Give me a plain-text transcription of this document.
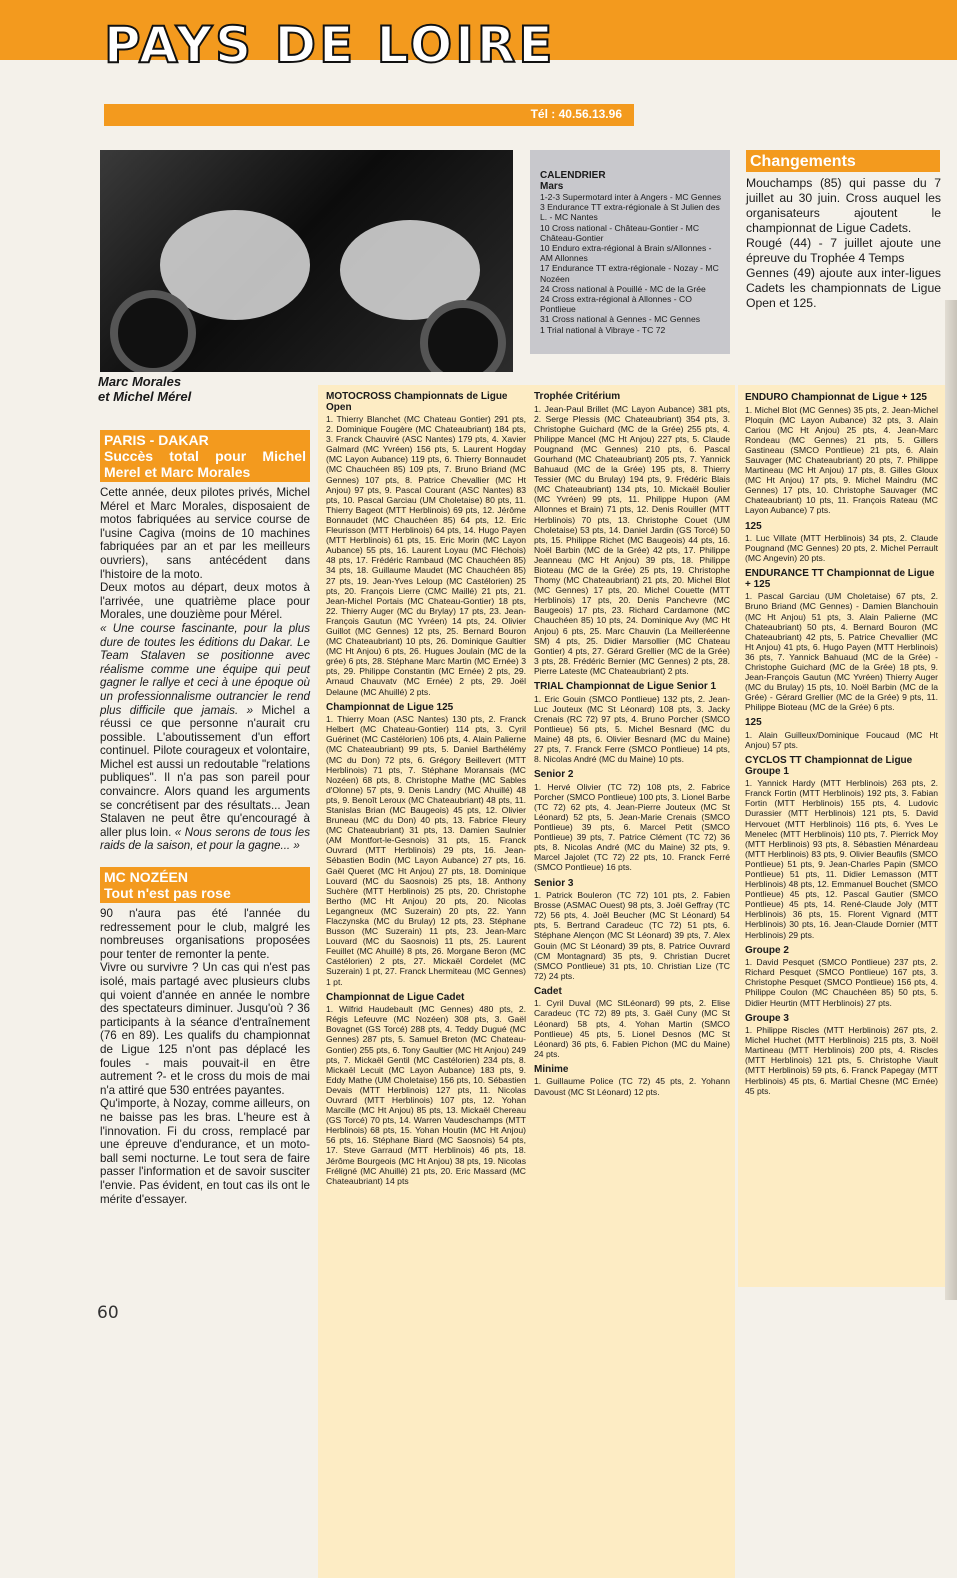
PAYS DE LOIRE
Tél : 40.56.13.96
Marc Morales
et Michel Mérel
CALENDRIER
Mars

1-2-3 Supermotard inter à Angers - MC Gennes

3 Endurance TT extra-régionale à St Julien des L. - MC Nantes

10 Cross national - Château-Gontier - MC Château-Gontier

10 Enduro extra-régional à Brain s/Allonnes - AM Allonnes

17 Endurance TT extra-régionale - Nozay - MC Nozéen

24 Cross national à Pouillé - MC de la Grée

24 Cross extra-régional à Allonnes - CO Pontlieue

31 Cross national à Gennes - MC Gennes

1 Trial national à Vibraye - TC 72

Changements

Mouchamps (85) qui passe du 7 juillet au 30 juin. Cross auquel les organisateurs ajoutent le championnat de Ligue Cadets.

Rougé (44) - 7 juillet ajoute une épreuve du Trophée 4 Temps

Gennes (49) ajoute aux inter-ligues Cadets les championnats de Ligue Open et 125.

PARIS - DAKAR
Succès total pour Michel Merel et Marc Morales

Cette année, deux pilotes privés, Michel Mérel et Marc Morales, disposaient de motos fabriquées au service course de l'usine Cagiva (moins de 10 machines fabriquées par an et par les meilleurs ouvriers), sans antécédent dans l'histoire de la moto.

Deux motos au départ, deux motos à l'arrivée, une quatrième place pour Morales, une douzième pour Mérel.

« Une course fascinante, pour la plus dure de toutes les éditions du Dakar. Le Team Stalaven se positionne avec réalisme comme une équipe qui peut gagner le rallye et ceci à une époque où un professionnalisme outrancier le rend plus difficile que jamais. » Michel a réussi ce que personne n'aurait cru possible. L'aboutissement d'un effort continuel. Pilote courageux et volontaire, Michel est aussi un redoutable "relations publiques". Il n'a pas son pareil pour convaincre. Alors quand les arguments se concrétisent par des résultats... Jean Stalaven ne peut être qu'encouragé à aller plus loin. « Nous serons de tous les raids de la saison, et pour la gagne... »

MC NOZÉEN
Tout n'est pas rose

90 n'aura pas été l'année du redressement pour le club, malgré les nombreuses organisations proposées pour tenter de remonter la pente.

Vivre ou survivre ? Un cas qui n'est pas isolé, mais partagé avec plusieurs clubs qui voient d'année en année le nombre des spectateurs diminuer. Jusqu'où ? 36 participants à la séance d'entraînement (76 en 89). Les qualifs du championnat de Ligue 125 n'ont pas déplacé les foules - mais pouvait-il en être autrement ?- et le cross du mois de mai n'a attiré que 530 entrées payantes.

Qu'importe, à Nozay, comme ailleurs, on ne baisse pas les bras. L'heure est à l'innovation. Fi du cross, remplacé par une épreuve d'endurance, et un moto-ball semi nocturne. Le tout sera de faire passer l'information et de savoir susciter l'envie. Pas évident, en tout cas ils ont le mérite d'essayer.

MOTOCROSS Championnats de Ligue Open

1. Thierry Blanchet (MC Chateau Gontier) 291 pts, 2. Dominique Fougère (MC Chateaubriant) 184 pts, 3. Franck Chauviré (ASC Nantes) 179 pts, 4. Xavier Galmard (MC Yvréen) 156 pts, 5. Laurent Hogday (MC Layon Aubance) 119 pts, 6. Thierry Bonnaudet (MC Chauchéen 85) 109 pts, 7. Bruno Briand (MC Gennes) 107 pts, 8. Patrice Chevallier (MC Ht Anjou) 97 pts, 9. Pascal Courant (ASC Nantes) 83 pts, 10. Pascal Garciau (UM Choletaise) 80 pts, 11. Thierry Bageot (MTT Herblinois) 69 pts, 12. Jérôme Bonnaudet (MC Chauchéen 85) 64 pts, 12. Eric Fleurisson (MTT Herblinois) 64 pts, 14. Hugo Payen (MTT Herblinois) 61 pts, 15. Eric Morin (MC Layon Aubance) 55 pts, 16. Laurent Loyau (MC Fléchois) 48 pts, 17. Frédéric Rambaud (MC Chauchéen 85) 34 pts, 18. Guillaume Maudet (MC Chauchéen 85) 27 pts, 19. Jean-Yves Leloup (MC Castélorien) 25 pts, 20. François Lierre (CMC Maillé) 21 pts, 21. Jean-Michel Portais (MC Chateau-Gontier) 18 pts, 22. Thierry Auger (MC du Brylay) 17 pts, 23. Jean-François Gautun (MC Yvréen) 14 pts, 24. Olivier Guillot (MC Gennes) 12 pts, 25. Bernard Bouron (MC Chateaubriant) 10 pts, 26. Dominique Gaultier (MC Ht Anjou) 6 pts, 26. Hugues Joulain (MC de la grée) 6 pts, 28. Stéphane Marc Martin (MC Ernée) 3 pts, 29. Philippe Constantin (MC Ernée) 2 pts, 29. Arnaud Chauvatv (MC Ernée) 2 pts, 29. Joël Delaune (MC Ahuillé) 2 pts.

Championnat de Ligue 125

1. Thierry Moan (ASC Nantes) 130 pts, 2. Franck Helbert (MC Chateau-Gontier) 114 pts, 3. Cyril Guérinet (MC Castélorien) 106 pts, 4. Alain Palierne (MC Chateaubriant) 99 pts, 5. Daniel Barthélémy (MC du Don) 72 pts, 6. Grégory Beillevert (MTT Herblinois) 71 pts, 7. Stéphane Moransais (MC Nozéen) 68 pts, 8. Christophe Mathe (MC Sables d'Olonne) 57 pts, 9. Denis Landry (MC Ahuillé) 48 pts, 9. Benoît Leroux (MC Chateaubriant) 48 pts, 11. Stanislas Brian (MC Baugeois) 45 pts, 12. Olivier Bruneau (MC du Don) 40 pts, 13. Fabrice Fleury (MC Chateaubriant) 31 pts, 13. Damien Saulnier (AM Montfort-le-Gesnois) 31 pts, 15. Franck Ouvrard (MTT Herblinois) 29 pts, 16. Jean-Sébastien Bodin (MC Layon Aubance) 27 pts, 16. Gaël Queret (MC Ht Anjou) 27 pts, 18. Dominique Louvard (MC du Saosnois) 25 pts, 18. Anthony Suchère (MTT Herblinois) 25 pts, 20. Christophe Bertho (MC Ht Anjou) 20 pts, 20. Nicolas Legangneux (MC Suzerain) 20 pts, 22. Yann Flaczynska (MC du Brulay) 12 pts, 23. Stéphane Busson (MC Suzerain) 11 pts, 23. Jean-Marc Louvard (MC du Saosnois) 11 pts, 25. Laurent Feuillet (MC Ahuillé) 8 pts, 26. Morgane Beron (MC Castélorien) 2 pts, 27. Mickaël Cordelet (MC Suzerain) 1 pt, 27. Franck Lhermiteau (MC Gennes) 1 pt.

Championnat de Ligue Cadet

1. Wilfrid Haudebault (MC Gennes) 480 pts, 2. Régis Lefeuvre (MC Nozéen) 308 pts, 3. Gaël Bovagnet (GS Torcé) 288 pts, 4. Teddy Dugué (MC Gennes) 287 pts, 5. Samuel Breton (MC Chateau-Gontier) 255 pts, 6. Tony Gaultier (MC Ht Anjou) 249 pts, 7. Mickaël Gentil (MC Castélorien) 234 pts, 8. Mickaël Lecuit (MC Layon Aubance) 183 pts, 9. Eddy Mathe (UM Choletaise) 156 pts, 10. Sébastien Devais (MTT Herblinois) 127 pts, 11. Nicolas Ouvrard (MTT Herblinois) 107 pts, 12. Yohan Marcille (MC Ht Anjou) 85 pts, 13. Mickaël Chereau (GS Torcé) 70 pts, 14. Warren Vaudeschamps (MTT Herblinois) 68 pts, 15. Yohan Houtin (MC Ht Anjou) 56 pts, 16. Stéphane Biard (MC Saosnois) 54 pts, 17. Steve Garraud (MTT Herblinois) 46 pts, 18. Jérôme Bourgeois (MC Ht Anjou) 38 pts, 19. Nicolas Fréligné (MC Ahuillé) 21 pts, 20. Eric Massard (MC Chateaubriant) 14 pts

Trophée Critérium

1. Jean-Paul Brillet (MC Layon Aubance) 381 pts, 2. Serge Plessis (MC Chateaubriant) 354 pts, 3. Christophe Guichard (MC de la Grée) 255 pts, 4. Philippe Mancel (MC Ht Anjou) 227 pts, 5. Claude Pougnand (MC Gennes) 210 pts, 6. Pascal Gourhand (MC Chateaubriant) 205 pts, 7. Yannick Bahuaud (MC de la Grée) 195 pts, 8. Thierry Tessier (MC du Brulay) 194 pts, 9. Frédéric Blais (MC Chateaubriant) 134 pts, 10. Mickaël Boulier (MC Yvréen) 99 pts, 11. Philippe Hupon (AM Allonnes et Brain) 71 pts, 12. Denis Rouiller (MTT Herblinois) 70 pts, 13. Christophe Couet (UM Choletaise) 53 pts, 14. Daniel Jardin (GS Torcé) 50 pts, 15. Philippe Richet (MC Baugeois) 44 pts, 16. Noël Barbin (MC de la Grée) 42 pts, 17. Philippe Jeanneau (MC Ht Anjou) 39 pts, 18. Philippe Bioteau (MC de la Grée) 25 pts, 19. Christophe Thomy (MC Chateaubriant) 21 pts, 20. Michel Blot (MC Gennes) 17 pts, 20. Michel Couette (MTT Herblinois) 17 pts, 20. Denis Panchevre (MC Baugeois) 17 pts, 23. Richard Cardamone (MC Chauchéen 85) 10 pts, 24. Dominique Avy (MC Ht Anjou) 6 pts, 25. Marc Chauvin (La Meilleréenne SM) 4 pts, 25. Didier Marsollier (MC Chateau Gontier) 4 pts, 27. Gérard Grellier (MC de la Grée) 3 pts, 28. Frédéric Bernier (MC Gennes) 2 pts, 28. Pierre Lateste (MC Chateaubriant) 2 pts.

TRIAL Championnat de Ligue Senior 1

1. Eric Gouin (SMCO Pontlieue) 132 pts, 2. Jean-Luc Jouteux (MC St Léonard) 108 pts, 3. Jacky Crenais (RC 72) 97 pts, 4. Bruno Porcher (SMCO Pontlieue) 56 pts, 5. Michel Besnard (MC du Maine) 48 pts, 6. Olivier Besnard (MC du Maine) 27 pts, 7. Franck Ferre (SMCO Pontlieue) 14 pts, 8. Nicolas André (MC du Maine) 10 pts.

Senior 2

1. Hervé Olivier (TC 72) 108 pts, 2. Fabrice Porcher (SMCO Pontlieue) 100 pts, 3. Lionel Barbe (TC 72) 62 pts, 4. Jean-Pierre Jouteux (MC St Léonard) 52 pts, 5. Jean-Marie Crenais (SMCO Pontlieue) 39 pts, 6. Marcel Petit (SMCO Pontlieue) 39 pts, 7. Patrice Clément (TC 72) 36 pts, 8. Nicolas André (MC du Maine) 32 pts, 9. Marcel Jajolet (TC 72) 22 pts, 10. Franck Ferré (SMCO Pontlieue) 16 pts.

Senior 3

1. Patrick Bouleron (TC 72) 101 pts, 2. Fabien Brosse (ASMAC Ouest) 98 pts, 3. Joël Geffray (TC 72) 56 pts, 4. Joël Beucher (MC St Léonard) 54 pts, 5. Bertrand Caradeuc (TC 72) 51 pts, 6. Stéphane Alençon (MC St Léonard) 39 pts, 7. Alex Gouin (MC St Léonard) 39 pts, 8. Patrice Ouvrard (CM Montagnard) 35 pts, 9. Christian Ducret (SMCO Pontlieue) 31 pts, 10. Christian Lize (TC 72) 24 pts.

Cadet

1. Cyril Duval (MC StLéonard) 99 pts, 2. Elise Caradeuc (TC 72) 89 pts, 3. Gaël Cuny (MC St Léonard) 58 pts, 4. Yohan Martin (SMCO Pontlieue) 45 pts, 5. Lionel Desnos (MC St Léonard) 36 pts, 6. Fabien Pichon (MC du Maine) 24 pts.

Minime

1. Guillaume Police (TC 72) 45 pts, 2. Yohann Davoust (MC St Léonard) 12 pts.

ENDURO Championnat de Ligue + 125

1. Michel Blot (MC Gennes) 35 pts, 2. Jean-Michel Ploquin (MC Layon Aubance) 32 pts, 3. Alain Cariou (MC Ht Anjou) 25 pts, 4. Jean-Marc Rondeau (MC Gennes) 21 pts, 5. Gillers Gastineau (SMCO Pontlieue) 21 pts, 6. Alain Sauvager (MC Chateaubriant) 20 pts, 7. Philippe Martineau (MC Ht Anjou) 17 pts, 8. Gilles Gloux (MC Ht Anjou) 17 pts, 9. Michel Maindru (MC Gennes) 17 pts, 10. Christophe Sauvager (MC Chateaubriant) 10 pts, 11. François Rateau (MC Layon Aubance) 7 pts.

125

1. Luc Villate (MTT Herblinois) 34 pts, 2. Claude Pougnand (MC Gennes) 20 pts, 2. Michel Perrault (MC Angevin) 20 pts.

ENDURANCE TT Championnat de Ligue + 125

1. Pascal Garciau (UM Choletaise) 67 pts, 2. Bruno Briand (MC Gennes) - Damien Blanchouin (MC Ht Anjou) 51 pts, 3. Alain Palierne (MC Chateaubriant) 50 pts, 4. Bernard Bouron (MC Chateaubriant) 42 pts, 5. Patrice Chevallier (MC Ht Anjou) 41 pts, 6. Hugo Payen (MTT Herblinois) 36 pts, 7. Yannick Bahuaud (MC de la Grée) - Christophe Guichard (MC de la Grée) 18 pts, 9. Jean-François Gautun (MC Yvréen) Thierry Auger (MC du Brulay) 15 pts, 10. Noël Barbin (MC de la Grée) - Gérard Grellier (MC de la Grée) 9 pts, 11. Philippe Bioteau (MC de la Grée) 6 pts.

125

1. Alain Guilleux/Dominique Foucaud (MC Ht Anjou) 57 pts.

CYCLOS TT Championnat de Ligue Groupe 1

1. Yannick Hardy (MTT Herblinois) 263 pts, 2. Franck Fortin (MTT Herblinois) 192 pts, 3. Fabian Fortin (MTT Herblinois) 155 pts, 4. Ludovic Durassier (MTT Herblinois) 121 pts, 5. David Hervouet (MTT Herblinois) 116 pts, 6. Yves Le Menelec (MTT Herblinois) 110 pts, 7. Pierrick Moy (MTT Herblinois) 93 pts, 8. Sébastien Ménardeau (MTT Herblinois) 83 pts, 9. Olivier Beaufils (SMCO Pontlieue) 51 pts, 9. Jean-Charles Papin (SMCO Pontlieue) 51 pts, 11. Didier Lemasson (MTT Herblinois) 48 pts, 12. Emmanuel Bouchet (SMCO Pontlieue) 45 pts, 12. Pascal Gautier (SMCO Pontlieue) 45 pts, 14. René-Claude Joly (MTT Herblinois) 36 pts, 15. Florent Vignard (MTT Herblinois) 30 pts, 16. Jean-Claude Dornier (MTT Herblinois) 29 pts.

Groupe 2

1. David Pesquet (SMCO Pontlieue) 237 pts, 2. Richard Pesquet (SMCO Pontlieue) 167 pts, 3. Christophe Pesquet (SMCO Pontlieue) 156 pts, 4. Philippe Coulon (MC Chauchéen 85) 50 pts, 5. Didier Heurtin (MTT Herblinois) 27 pts.

Groupe 3

1. Philippe Riscles (MTT Herblinois) 267 pts, 2. Michel Huchet (MTT Herblinois) 215 pts, 3. Noël Martineau (MTT Herblinois) 200 pts, 4. Riscles (MTT Herblinois) 121 pts, 5. Christophe Viault (MTT Herblinois) 59 pts, 6. Franck Papegay (MTT Herblinois) 45 pts, 6. Martial Chesne (MC Ernée) 45 pts.

60
